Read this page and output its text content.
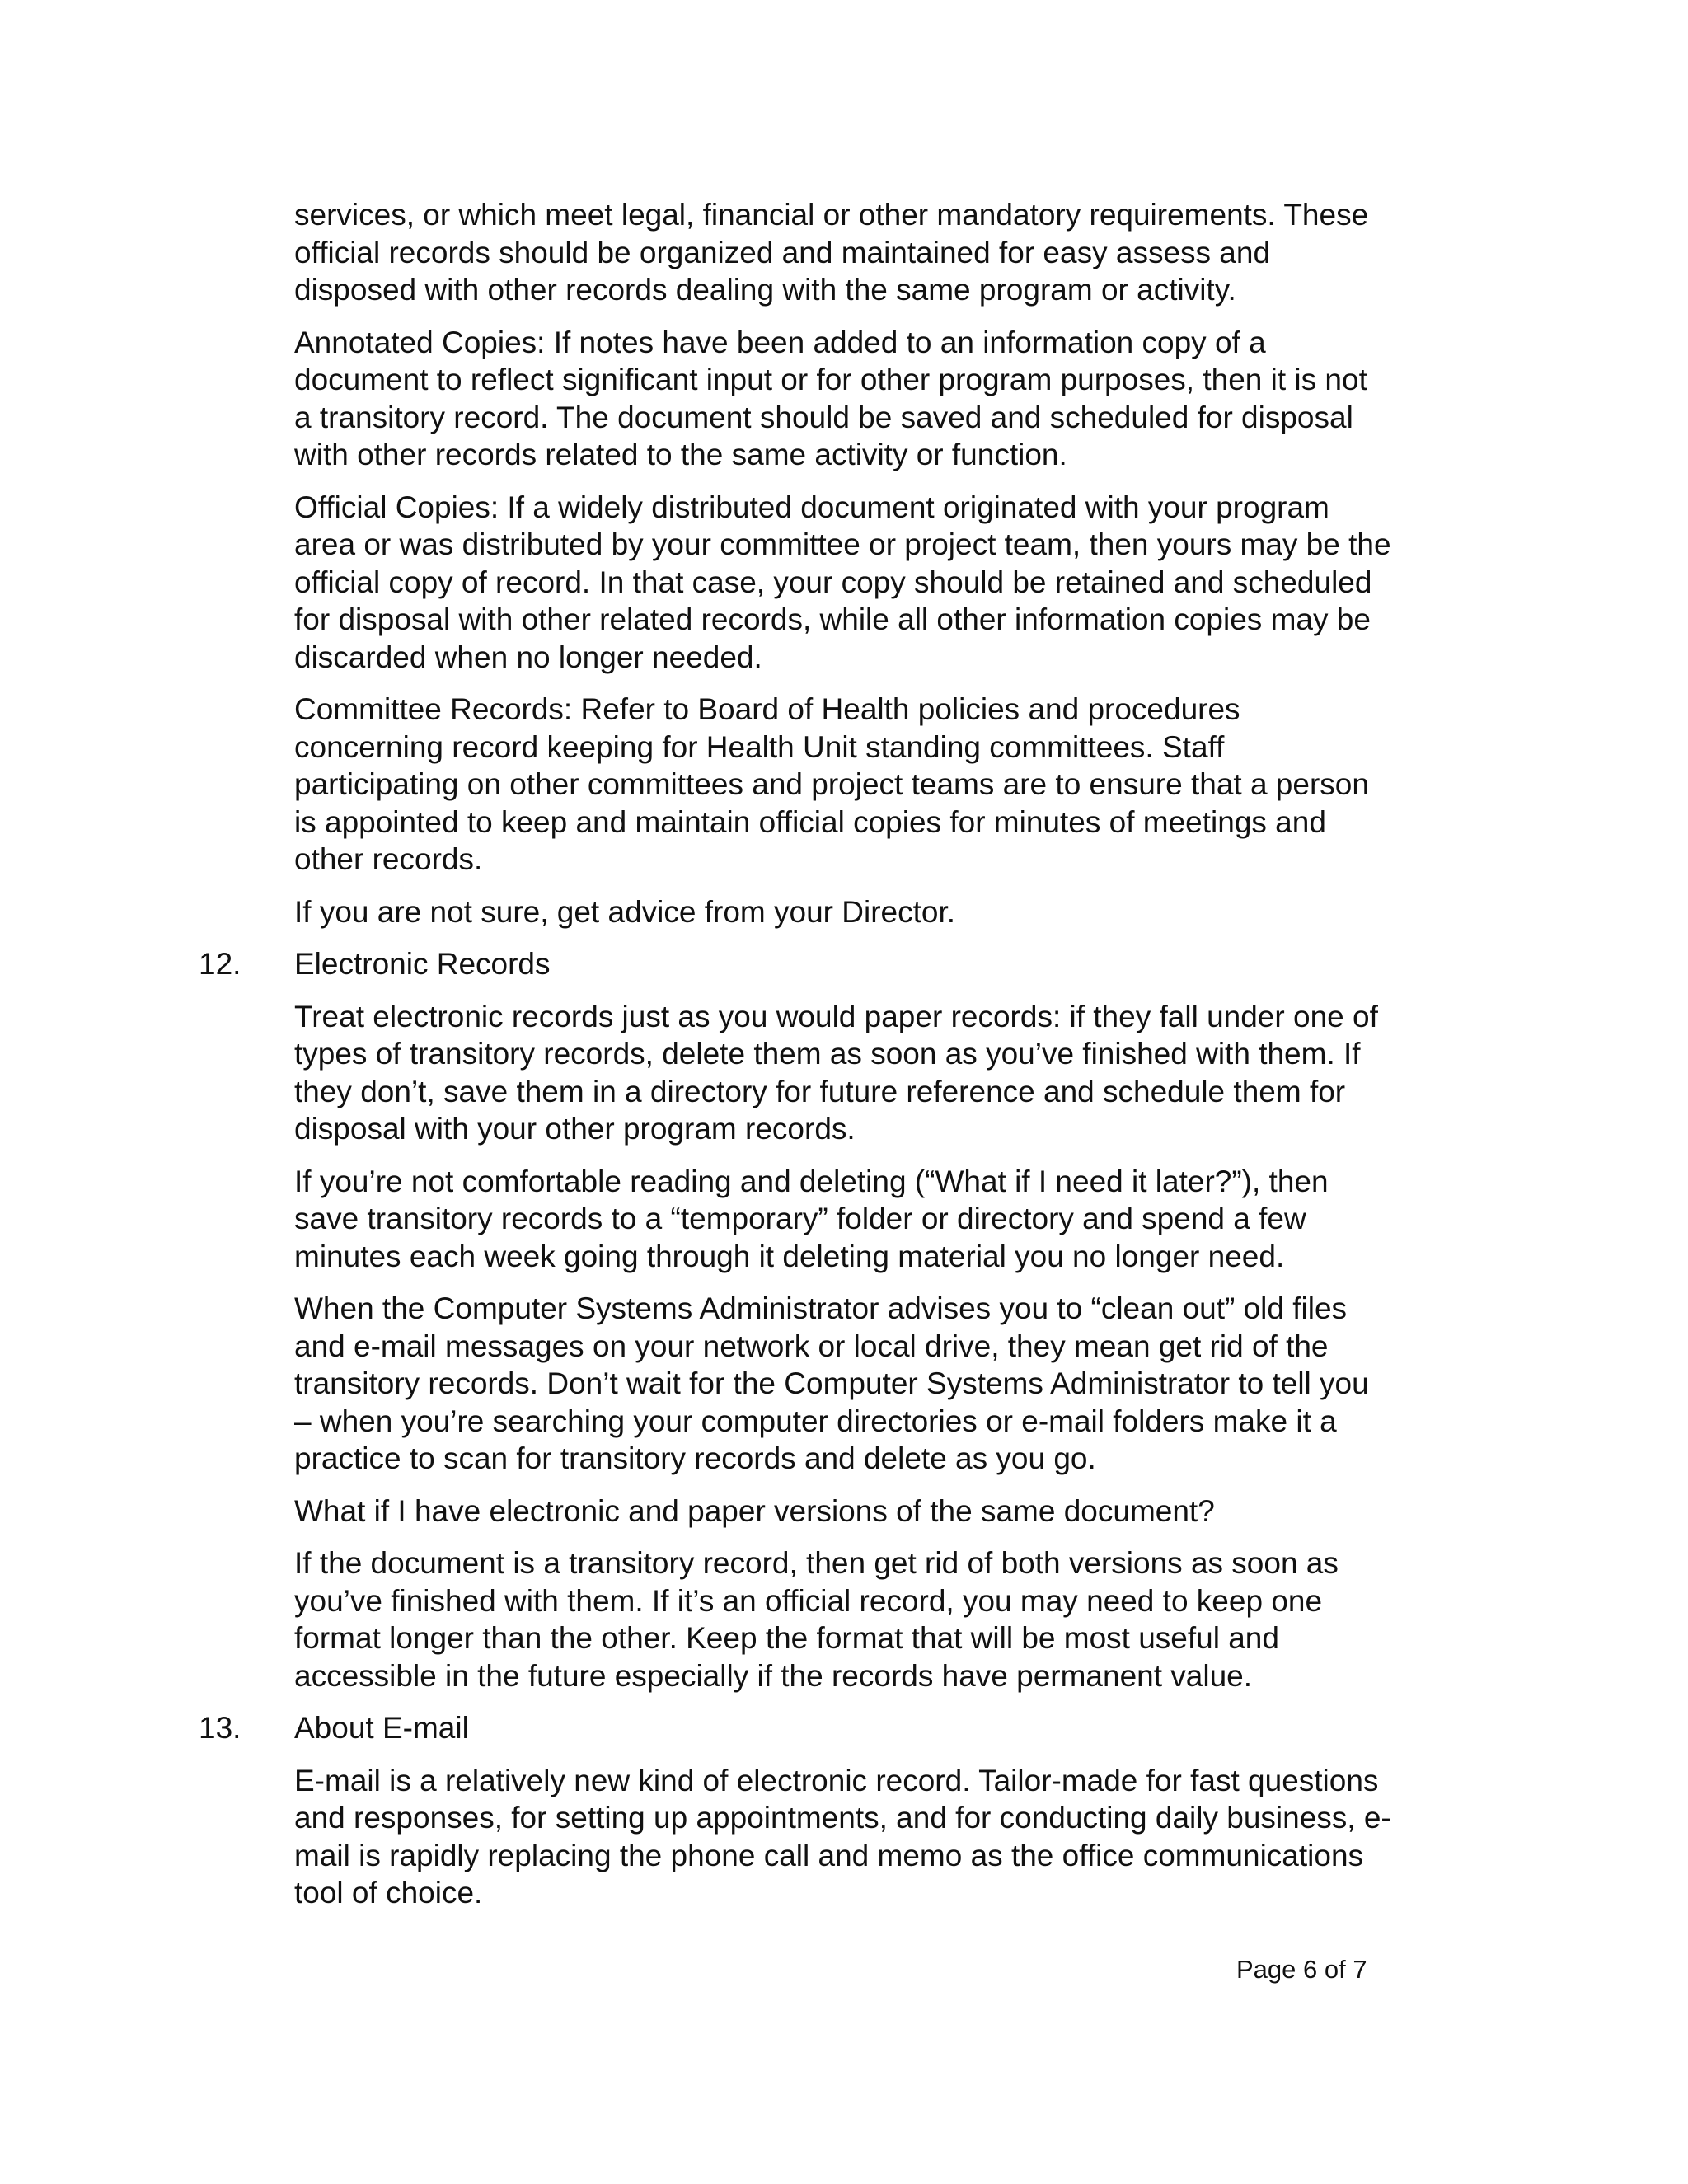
services, or which meet legal, financial or other mandatory requirements. These
official records should be organized and maintained for easy assess and
disposed with other records dealing with the same program or activity.

Annotated Copies: If notes have been added to an information copy of a
document to reflect significant input or for other program purposes, then it is not
a transitory record. The document should be saved and scheduled for disposal
with other records related to the same activity or function.

Official Copies: If a widely distributed document originated with your program
area or was distributed by your committee or project team, then yours may be the
official copy of record. In that case, your copy should be retained and scheduled
for disposal with other related records, while all other information copies may be
discarded when no longer needed.

Committee Records: Refer to Board of Health policies and procedures
concerning record keeping for Health Unit standing committees. Staff
participating on other committees and project teams are to ensure that a person
is appointed to keep and maintain official copies for minutes of meetings and
other records.

If you are not sure, get advice from your Director.

12. Electronic Records

Treat electronic records just as you would paper records: if they fall under one of
types of transitory records, delete them as soon as you’ve finished with them. If
they don’t, save them in a directory for future reference and schedule them for
disposal with your other program records.

If you’re not comfortable reading and deleting (“What if I need it later?”), then
save transitory records to a “temporary” folder or directory and spend a few
minutes each week going through it deleting material you no longer need.

When the Computer Systems Administrator advises you to “clean out” old files
and e-mail messages on your network or local drive, they mean get rid of the
transitory records. Don’t wait for the Computer Systems Administrator to tell you
– when you’re searching your computer directories or e-mail folders make it a
practice to scan for transitory records and delete as you go.

What if I have electronic and paper versions of the same document?

If the document is a transitory record, then get rid of both versions as soon as
you’ve finished with them. If it’s an official record, you may need to keep one
format longer than the other. Keep the format that will be most useful and
accessible in the future especially if the records have permanent value.

13. About E-mail

E-mail is a relatively new kind of electronic record. Tailor-made for fast questions
and responses, for setting up appointments, and for conducting daily business, e-
mail is rapidly replacing the phone call and memo as the office communications
tool of choice.

Page 6 of 7
